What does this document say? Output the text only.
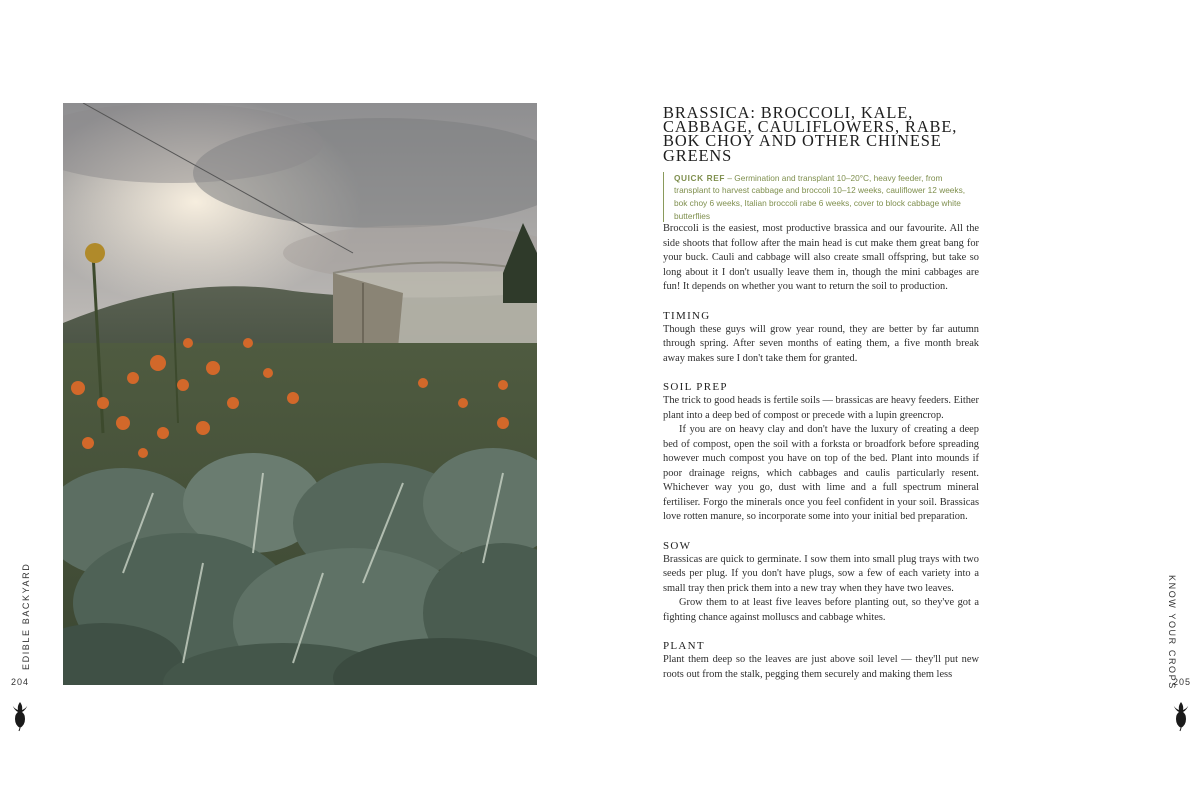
EDIBLE BACKYARD
204
BRASSICA: BROCCOLI, KALE, CABBAGE, CAULIFLOWERS, RABE, BOK CHOY AND OTHER CHINESE GREENS
QUICK REF – Germination and transplant 10–20°C, heavy feeder, from transplant to harvest cabbage and broccoli 10–12 weeks, cauliflower 12 weeks, bok choy 6 weeks, Italian broccoli rabe 6 weeks, cover to block cabbage white butterflies

Broccoli is the easiest, most productive brassica and our favourite. All the side shoots that follow after the main head is cut make them great bang for your buck. Cauli and cabbage will also create small offspring, but take so long about it I don't usually leave them in, though the mini cabbages are fun! It depends on whether you want to return the soil to production.

TIMING

Though these guys will grow year round, they are better by far autumn through spring. After seven months of eating them, a five month break away makes sure I don't take them for granted.

SOIL PREP

The trick to good heads is fertile soils — brassicas are heavy feeders. Either plant into a deep bed of compost or precede with a lupin greencrop.

If you are on heavy clay and don't have the luxury of creating a deep bed of compost, open the soil with a forksta or broadfork before spreading however much compost you have on top of the bed. Plant into mounds if poor drainage reigns, which cabbages and caulis particularly resent. Whichever way you go, dust with lime and a full spectrum mineral fertiliser. Forgo the minerals once you feel confident in your soil. Brassicas love rotten manure, so incorporate some into your initial bed preparation.

SOW

Brassicas are quick to germinate. I sow them into small plug trays with two seeds per plug. If you don't have plugs, sow a few of each variety into a small tray then prick them into a new tray when they have two leaves.

Grow them to at least five leaves before planting out, so they've got a fighting chance against molluscs and cabbage whites.

PLANT

Plant them deep so the leaves are just above soil level — they'll put new roots out from the stalk, pegging them securely and making them less	KNOW YOUR CROPS
205
